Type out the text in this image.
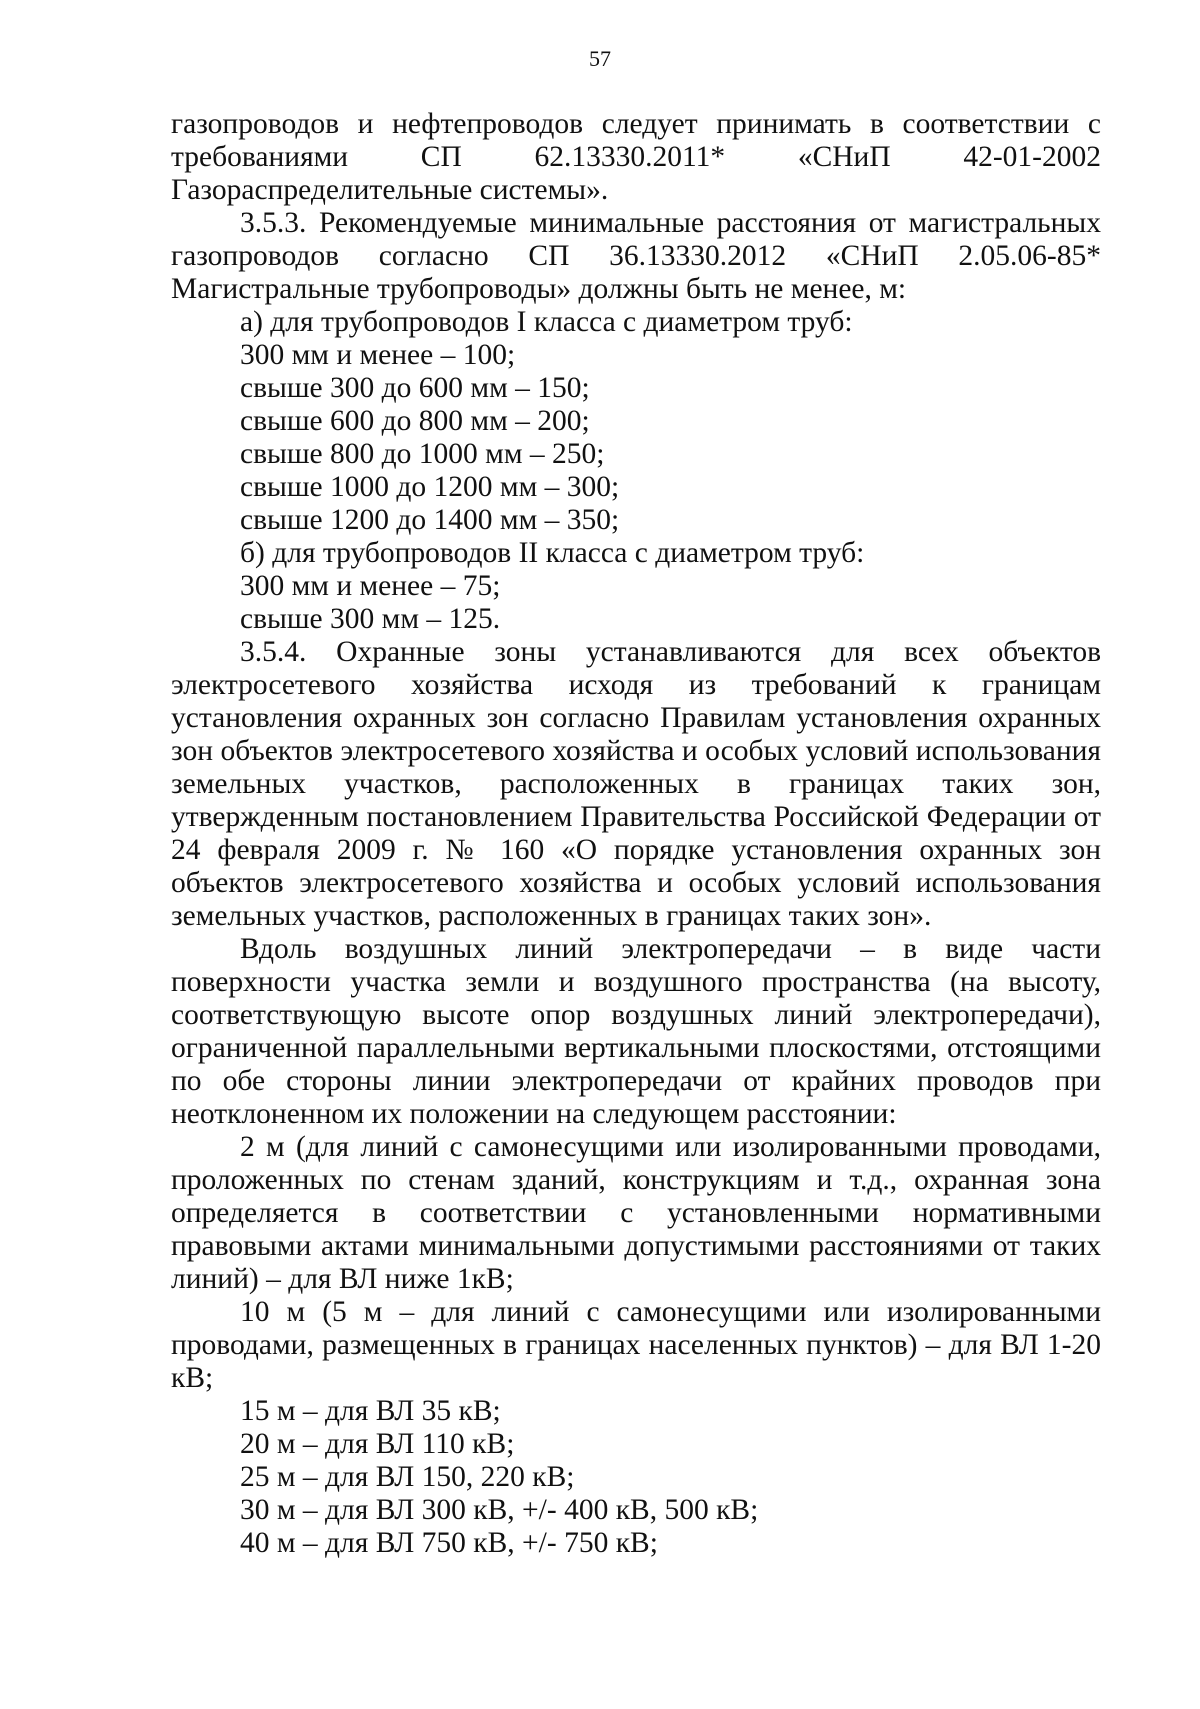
57

газопроводов и нефтепроводов следует принимать в соответствии с требованиями СП 62.13330.2011* «СНиП 42-01-2002 Газораспределительные системы».

3.5.3. Рекомендуемые минимальные расстояния от магистральных газопроводов согласно СП 36.13330.2012 «СНиП 2.05.06-85* Магистральные трубопроводы» должны быть не менее, м:

а) для трубопроводов I класса с диаметром труб:

300 мм и менее – 100;

свыше 300 до 600 мм – 150;

свыше 600 до 800 мм – 200;

свыше 800 до 1000 мм – 250;

свыше 1000 до 1200 мм – 300;

свыше 1200 до 1400 мм – 350;

б) для трубопроводов II класса с диаметром труб:

300 мм и менее – 75;

свыше 300 мм – 125.

3.5.4. Охранные зоны устанавливаются для всех объектов электросетевого хозяйства исходя из требований к границам установления охранных зон согласно Правилам установления охранных зон объектов электросетевого хозяйства и особых условий использования земельных участков, расположенных в границах таких зон, утвержденным постановлением Правительства Российской Федерации от 24 февраля 2009 г. № 160 «О порядке установления охранных зон объектов электросетевого хозяйства и особых условий использования земельных участков, расположенных в границах таких зон».

Вдоль воздушных линий электропередачи – в виде части поверхности участка земли и воздушного пространства (на высоту, соответствующую высоте опор воздушных линий электропередачи), ограниченной параллельными вертикальными плоскостями, отстоящими по обе стороны линии электропередачи от крайних проводов при неотклоненном их положении на следующем расстоянии:

2 м (для линий с самонесущими или изолированными проводами, проложенных по стенам зданий, конструкциям и т.д., охранная зона определяется в соответствии с установленными нормативными правовыми актами минимальными допустимыми расстояниями от таких линий) – для ВЛ ниже 1кВ;

10 м (5 м – для линий с самонесущими или изолированными проводами, размещенных в границах населенных пунктов) – для ВЛ 1-20 кВ;

15 м – для ВЛ 35 кВ;

20 м – для ВЛ 110 кВ;

25 м – для ВЛ 150, 220 кВ;

30 м – для ВЛ 300 кВ, +/- 400 кВ, 500 кВ;

40 м – для ВЛ 750 кВ, +/- 750 кВ;
